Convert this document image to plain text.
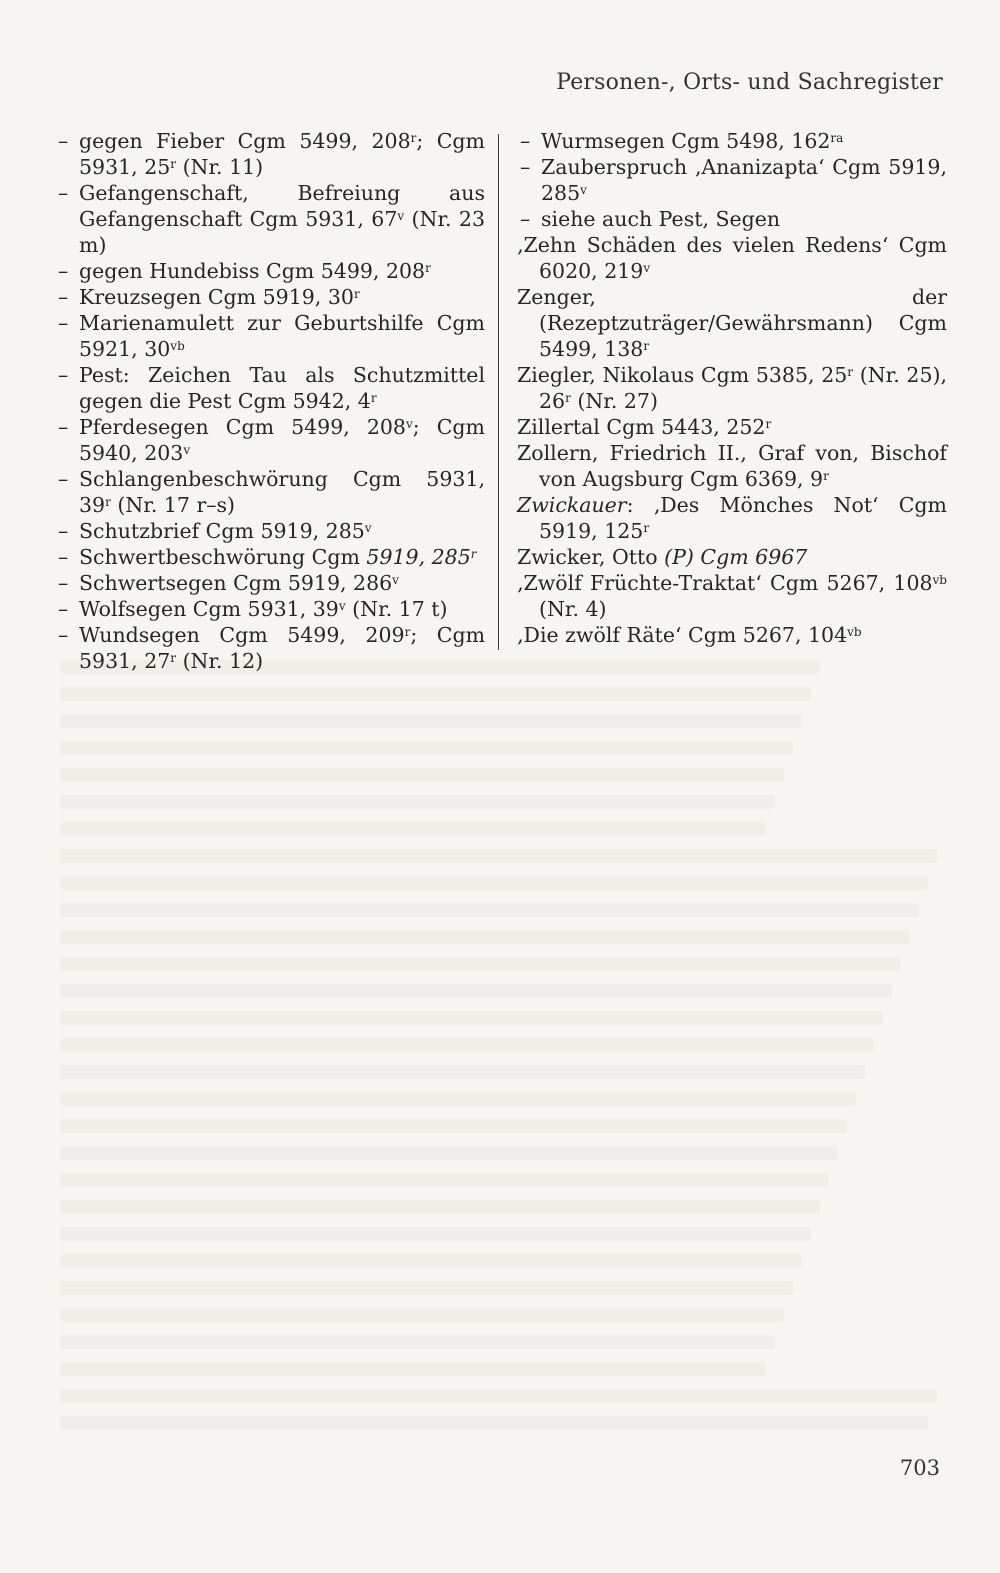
Personen-, Orts- und Sachregister
– gegen Fieber Cgm 5499, 208$^r$; Cgm 5931, 25$^r$ (Nr. 11)
– Gefangenschaft, Befreiung aus Gefangenschaft Cgm 5931, 67$^v$ (Nr. 23 m)
– gegen Hundebiss Cgm 5499, 208$^r$
– Kreuzsegen Cgm 5919, 30$^r$
– Marienamulett zur Geburtshilfe Cgm 5921, $30^{vb}$
– Pest: Zeichen Tau als Schutzmittel gegen die Pest Cgm 5942, 4$^r$
– Pferdesegen Cgm 5499, 208$^v$; Cgm 5940, 203$^v$
– Schlangenbeschwörung Cgm 5931, 39$^r$ (Nr. 17 r–s)
– Schutzbrief Cgm 5919, 285$^v$
– Schwertbeschwörung Cgm 5919, 285$^r$
– Schwertsegen Cgm 5919, 286$^v$
– Wolfsegen Cgm 5931, 39$^v$ (Nr. 17 t)
– Wundsegen Cgm 5499, 209$^r$; Cgm 5931, 27$^r$ (Nr. 12)
– Wurmsegen Cgm 5498, $162^{ra}$
– Zauberspruch ‚Ananizapta‘ Cgm 5919, 285$^v$
– siehe auch Pest, Segen
‚Zehn Schäden des vielen Redens‘ Cgm 6020, 219$^v$
Zenger, der (Rezeptzuträger/Gewährsmann) Cgm 5499, 138$^r$
Ziegler, Nikolaus Cgm 5385, 25$^r$ (Nr. 25), 26$^r$ (Nr. 27)
Zillertal Cgm 5443, 252$^r$
Zollern, Friedrich II., Graf von, Bischof von Augsburg Cgm 6369, 9$^r$
Zwickauer: ‚Des Mönches Not‘ Cgm 5919, 125$^r$
Zwicker, Otto (P) Cgm 6967
‚Zwölf Früchte-Traktat‘ Cgm 5267, $108^{vb}$ (Nr. 4)
‚Die zwölf Räte‘ Cgm 5267, $104^{vb}$
703
